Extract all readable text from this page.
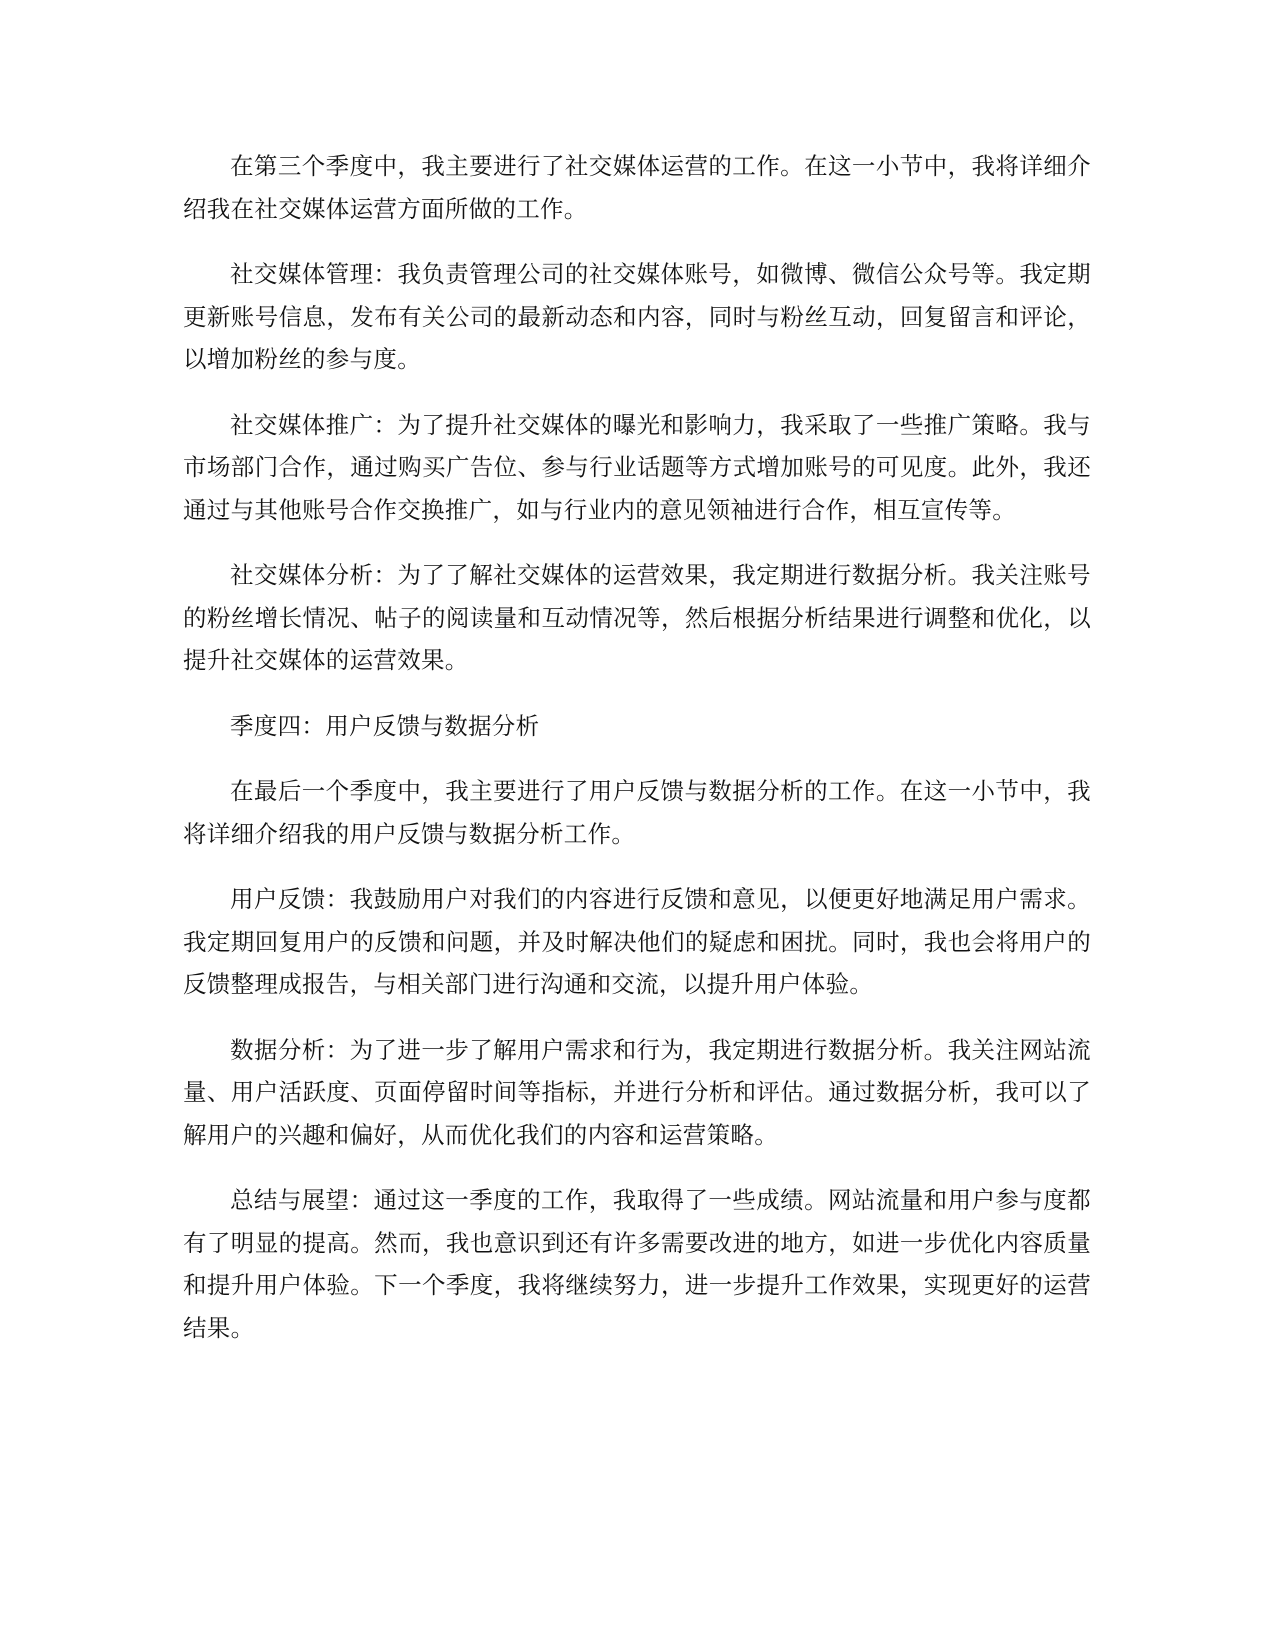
在第三个季度中，我主要进行了社交媒体运营的工作。在这一小节中，我将详细介绍我在社交媒体运营方面所做的工作。

社交媒体管理：我负责管理公司的社交媒体账号，如微博、微信公众号等。我定期更新账号信息，发布有关公司的最新动态和内容，同时与粉丝互动，回复留言和评论，以增加粉丝的参与度。

社交媒体推广：为了提升社交媒体的曝光和影响力，我采取了一些推广策略。我与市场部门合作，通过购买广告位、参与行业话题等方式增加账号的可见度。此外，我还通过与其他账号合作交换推广，如与行业内的意见领袖进行合作，相互宣传等。

社交媒体分析：为了了解社交媒体的运营效果，我定期进行数据分析。我关注账号的粉丝增长情况、帖子的阅读量和互动情况等，然后根据分析结果进行调整和优化，以提升社交媒体的运营效果。

季度四：用户反馈与数据分析

在最后一个季度中，我主要进行了用户反馈与数据分析的工作。在这一小节中，我将详细介绍我的用户反馈与数据分析工作。

用户反馈：我鼓励用户对我们的内容进行反馈和意见，以便更好地满足用户需求。我定期回复用户的反馈和问题，并及时解决他们的疑虑和困扰。同时，我也会将用户的反馈整理成报告，与相关部门进行沟通和交流，以提升用户体验。

数据分析：为了进一步了解用户需求和行为，我定期进行数据分析。我关注网站流量、用户活跃度、页面停留时间等指标，并进行分析和评估。通过数据分析，我可以了解用户的兴趣和偏好，从而优化我们的内容和运营策略。

总结与展望：通过这一季度的工作，我取得了一些成绩。网站流量和用户参与度都有了明显的提高。然而，我也意识到还有许多需要改进的地方，如进一步优化内容质量和提升用户体验。下一个季度，我将继续努力，进一步提升工作效果，实现更好的运营结果。
